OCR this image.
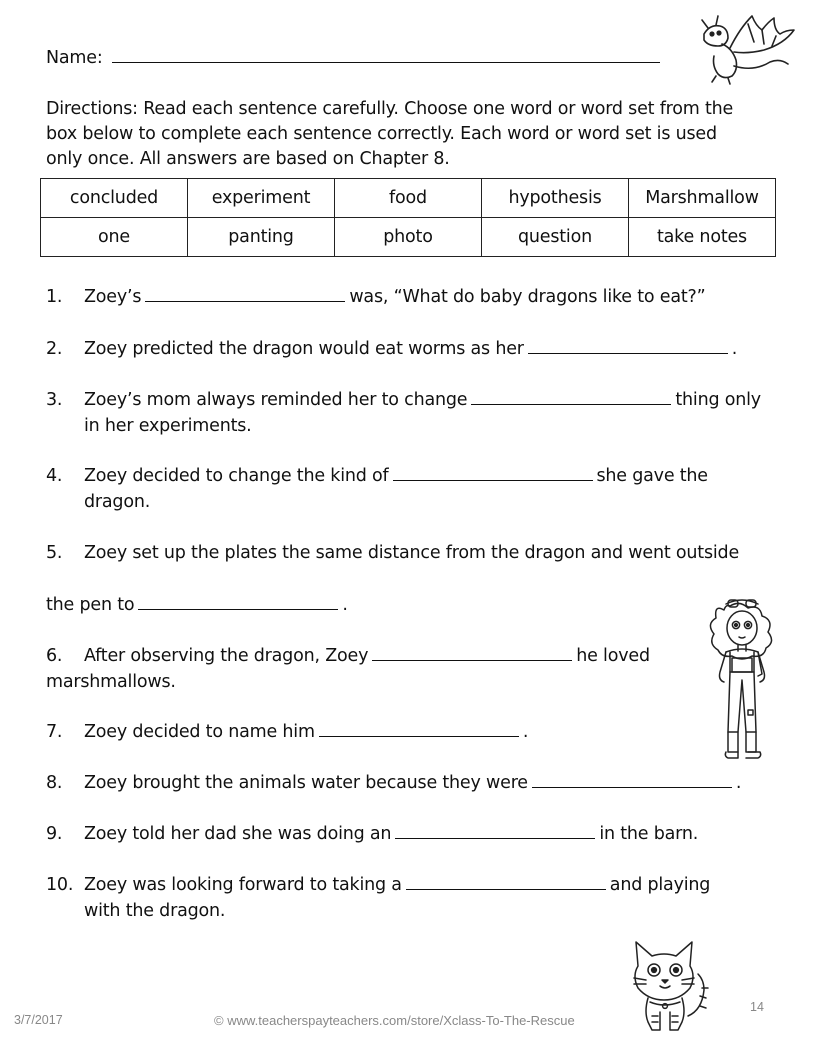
Name:
Directions: Read each sentence carefully. Choose one word or word set from the box below to complete each sentence correctly. Each word or word set is used only once. All answers are based on Chapter 8.
concluded	experiment	food	hypothesis	Marshmallow
one	panting	photo	question	take notes
1. Zoey’s	was, “What do baby dragons like to eat?”
2. Zoey predicted the dragon would eat worms as her	.
3. Zoey’s mom always reminded her to change	thing only
in her experiments.
4. Zoey decided to change the kind of	she gave the
dragon.
5. Zoey set up the plates the same distance from the dragon and went outside
the pen to	.
6. After observing the dragon, Zoey	he loved
marshmallows.
7. Zoey decided to name him	.
8. Zoey brought the animals water because they were	.
9. Zoey told her dad she was doing an	in the barn.
10. Zoey was looking forward to taking a	and playing
with the dragon.
3/7/2017	© www.teacherspayteachers.com/store/Xclass-To-The-Rescue
14
